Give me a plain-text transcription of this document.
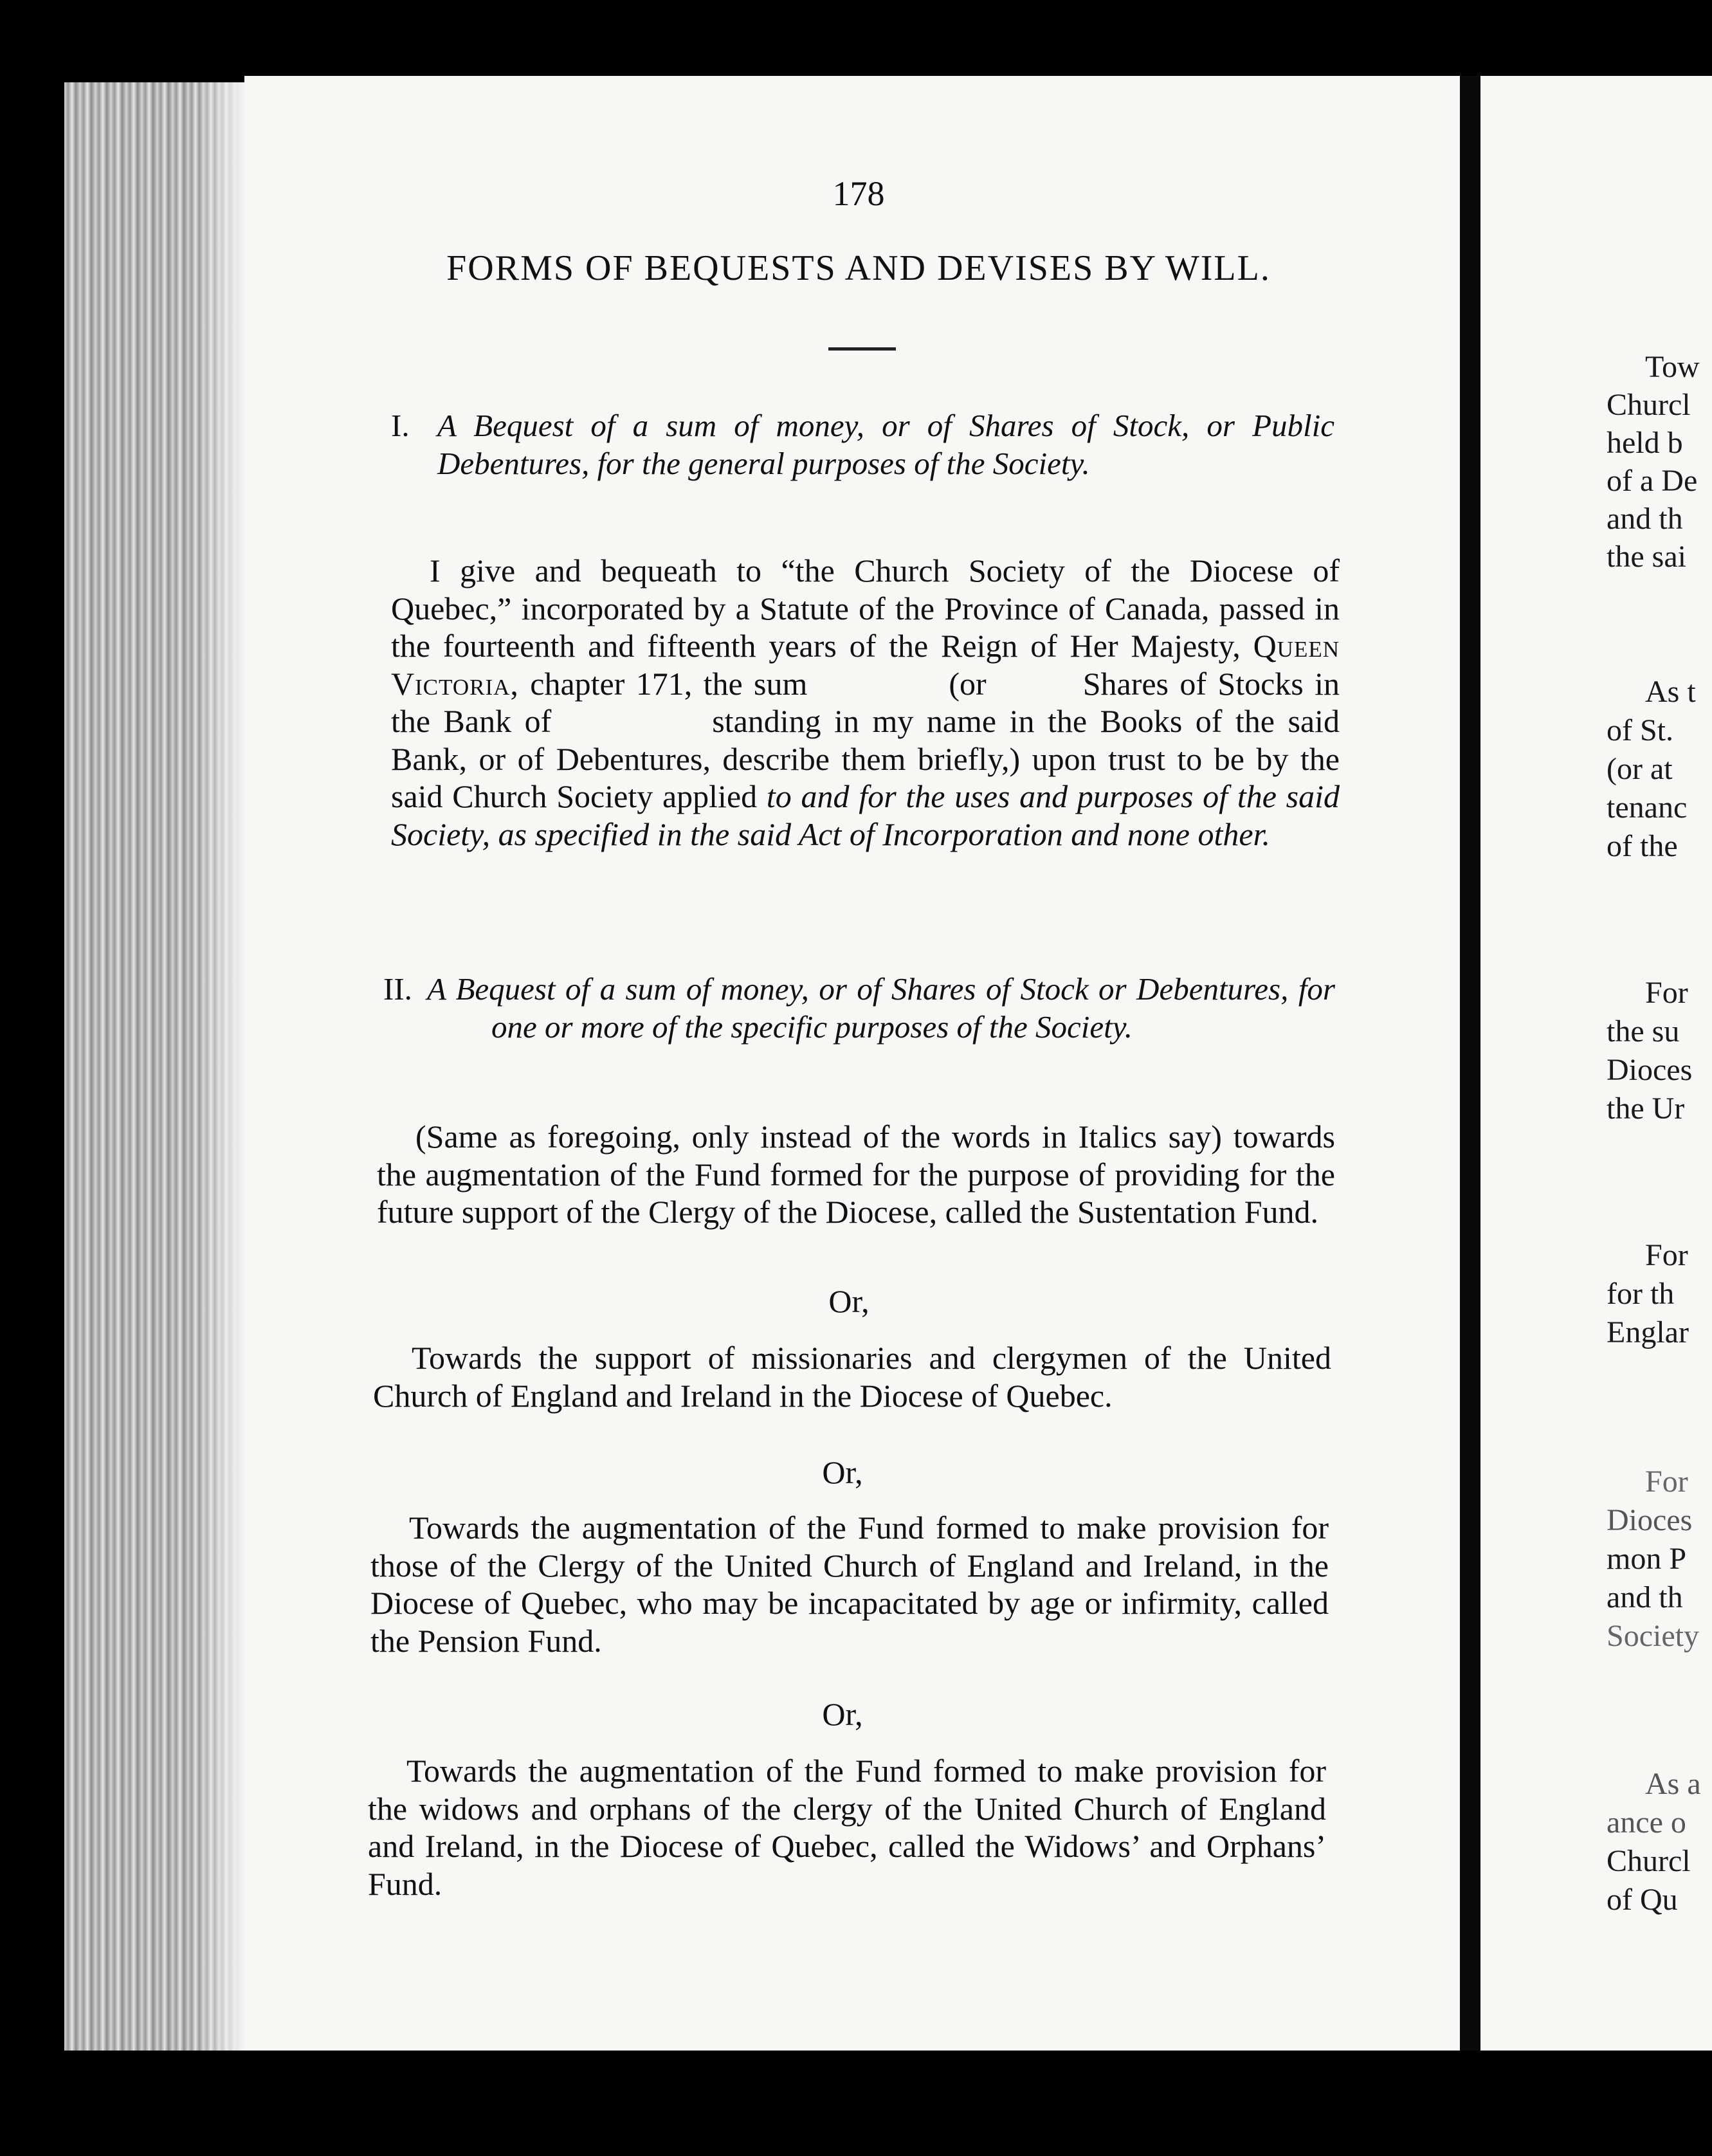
178
FORMS OF BEQUESTS AND DEVISES BY WILL.
I. A Bequest of a sum of money, or of Shares of Stock, or Public Debentures, for the general purposes of the Society.
I give and bequeath to “the Church Society of the Diocese of Quebec,” incorporated by a Statute of the Province of Canada, passed in the fourteenth and fifteenth years of the Reign of Her Majesty, Queen Victoria, chapter 171, the sum	(or	Shares of Stocks in the Bank of	standing in my name in the Books of the said Bank, or of Debentures, describe them briefly,) upon trust to be by the said Church Society applied to and for the uses and purposes of the said Society, as specified in the said Act of Incorporation and none other.
II. A Bequest of a sum of money, or of Shares of Stock or Debentures, for one or more of the specific purposes of the Society.
(Same as foregoing, only instead of the words in Italics say) towards the augmentation of the Fund formed for the purpose of providing for the future support of the Clergy of the Diocese, called the Sustentation Fund.
Or,
Towards the support of missionaries and clergymen of the United Church of England and Ireland in the Diocese of Quebec.
Or,
Towards the augmentation of the Fund formed to make provision for those of the Clergy of the United Church of England and Ireland, in the Diocese of Quebec, who may be incapacitated by age or infirmity, called the Pension Fund.
Or,
Towards the augmentation of the Fund formed to make provision for the widows and orphans of the clergy of the United Church of England and Ireland, in the Diocese of Quebec, called the Widows’ and Orphans’ Fund.
Tow
Churcl
held b
of a De
and th
the sai
As t
of St.
(or at
tenanc
of the
For
the su
Dioces
the Ur
For
for th
Englar
For
Dioces
mon P
and th
Society
As a
ance o
Churcl
of Qu
